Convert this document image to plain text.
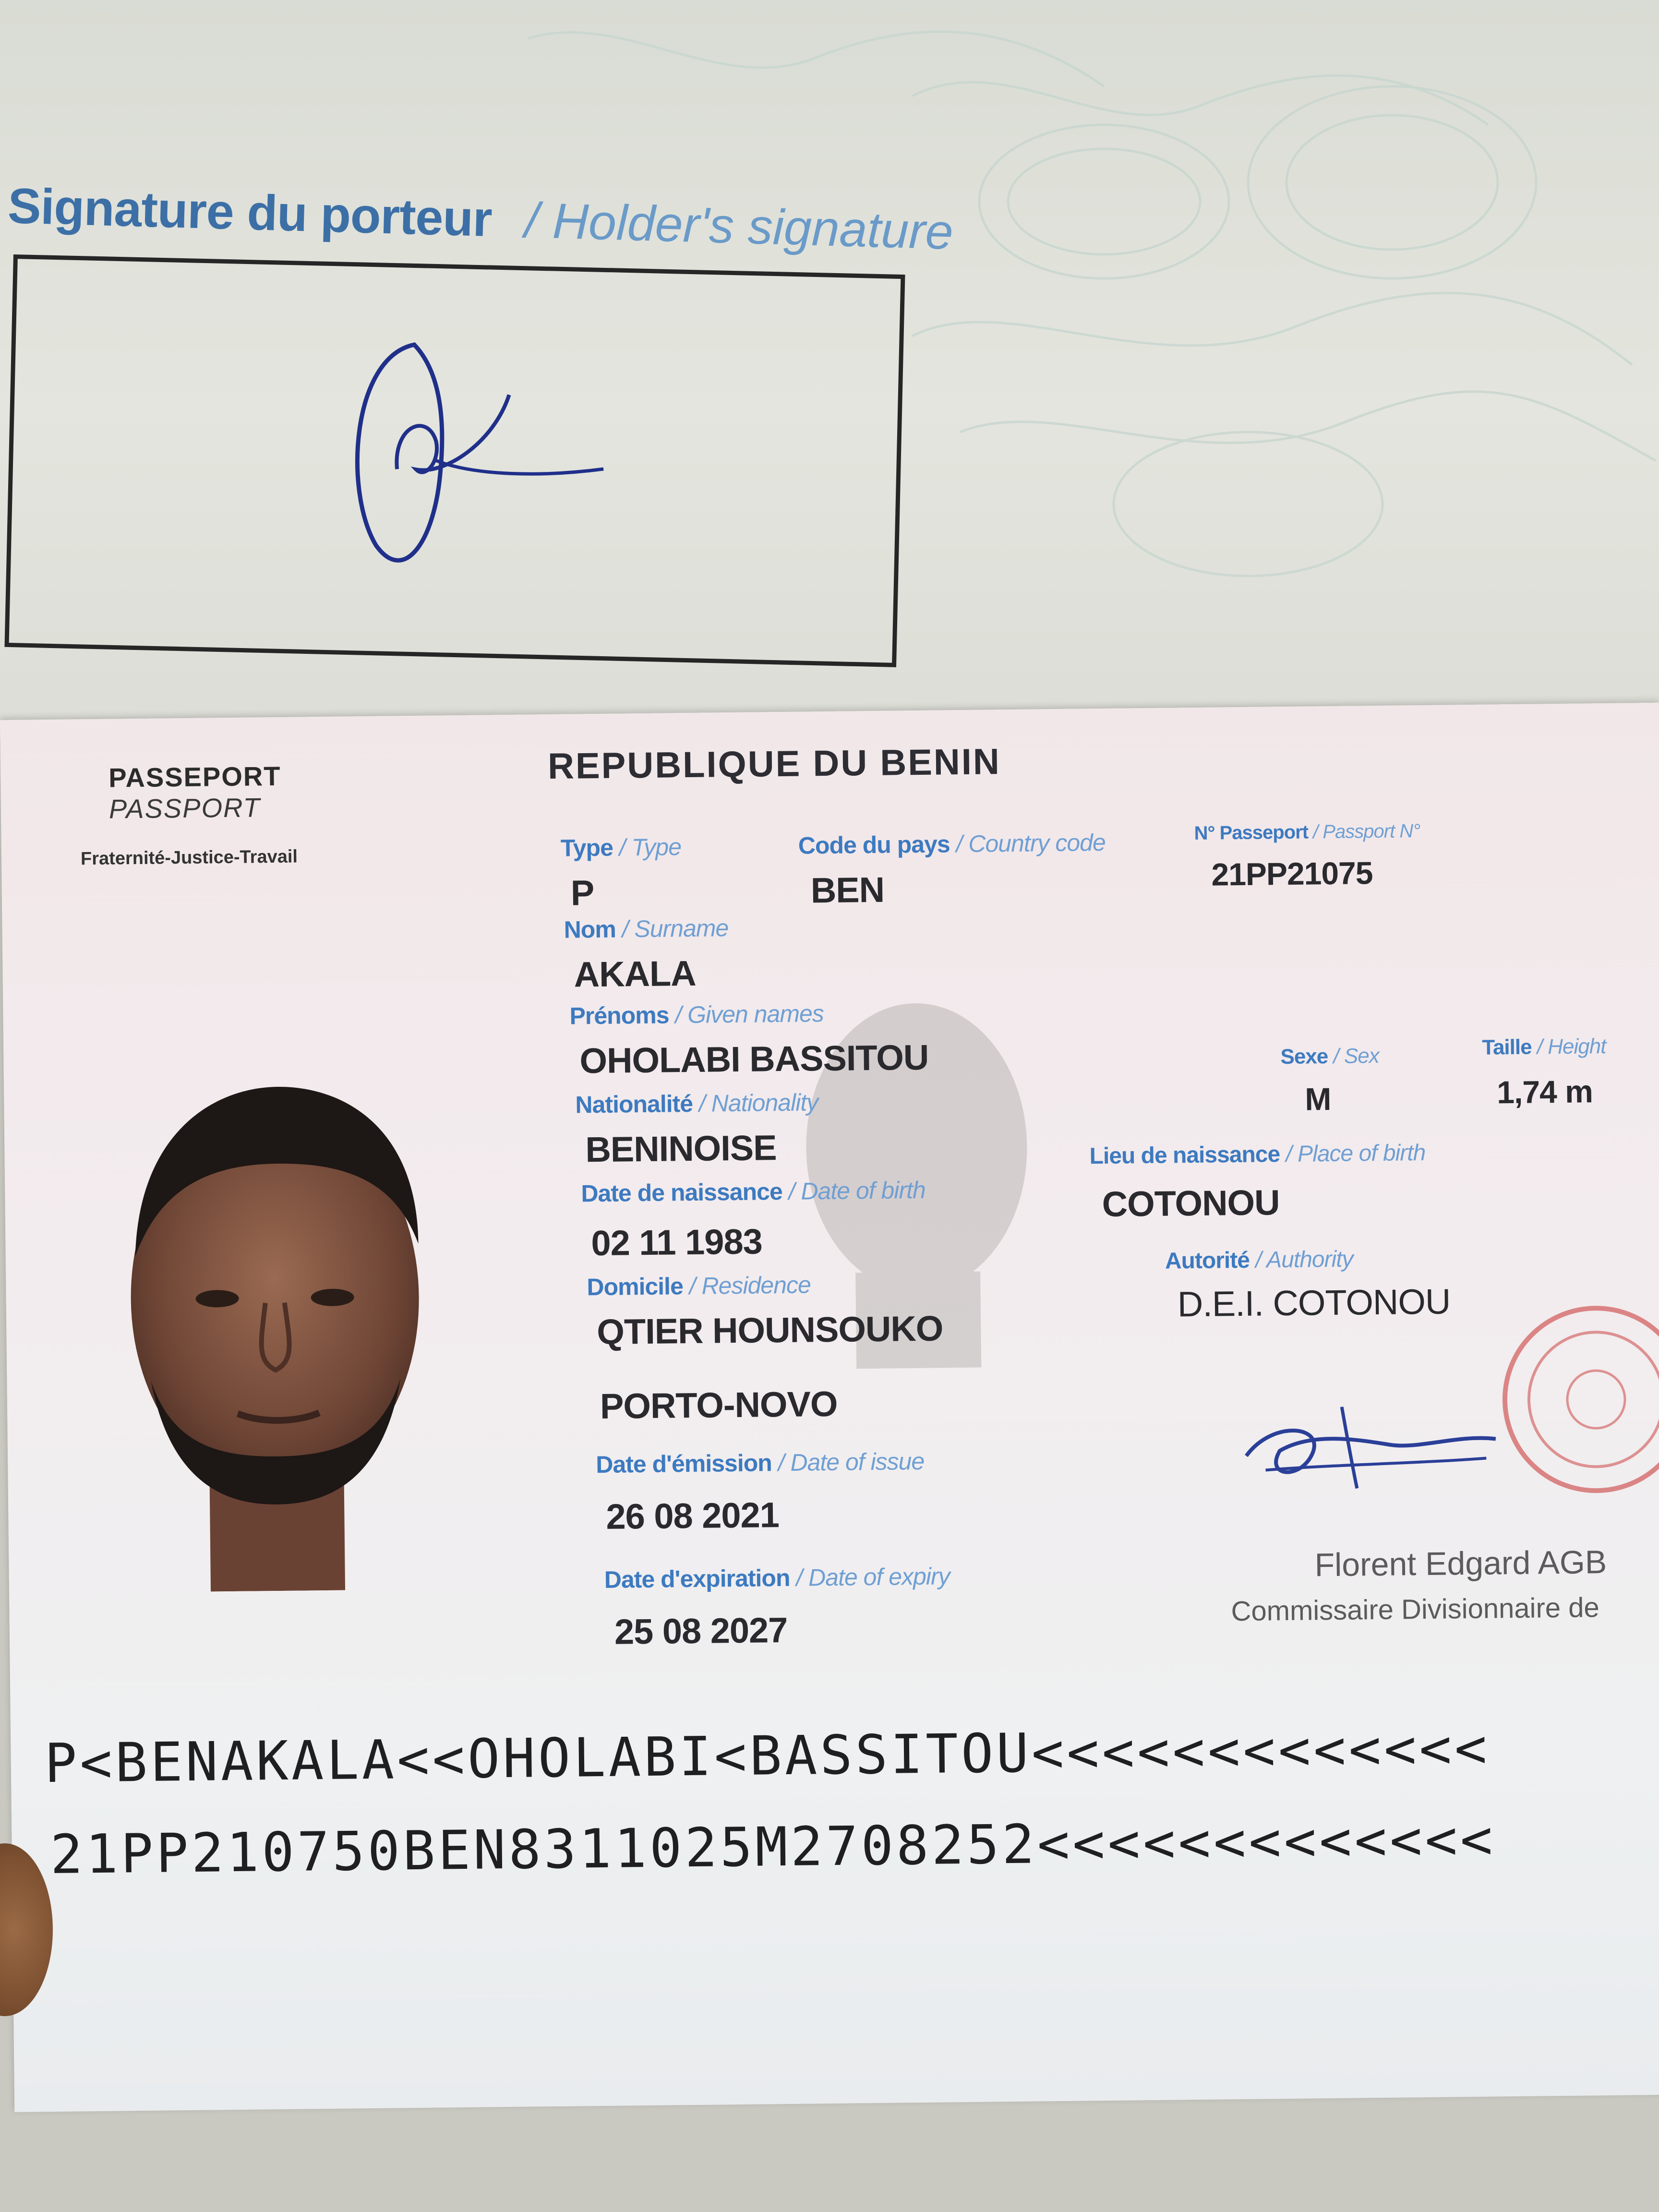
Signature du porteur / Holder's signature
PASSEPORT
PASSPORT
Fraternité-Justice-Travail
REPUBLIQUE DU BENIN
Type / Type
P
Code du pays / Country code
BEN
N° Passeport / Passport N°
21PP21075
Nom / Surname
AKALA
Prénoms / Given names
OHOLABI BASSITOU	Sexe / Sex
M
Taille / Height
1,74 m
Nationalité / Nationality
BENINOISE
Date de naissance / Date of birth
02 11 1983
Lieu de naissance / Place of birth
COTONOU
Autorité / Authority
D.E.I. COTONOU
Domicile / Residence
QTIER HOUNSOUKO
PORTO-NOVO
Date d'émission / Date of issue
26 08 2021
Date d'expiration / Date of expiry
25 08 2027
Florent Edgard AGB
Commissaire Divisionnaire de
P<BENAKALA<<OHOLABI<BASSITOU<<<<<<<<<<<<<
21PP210750BEN8311025M2708252<<<<<<<<<<<<<
